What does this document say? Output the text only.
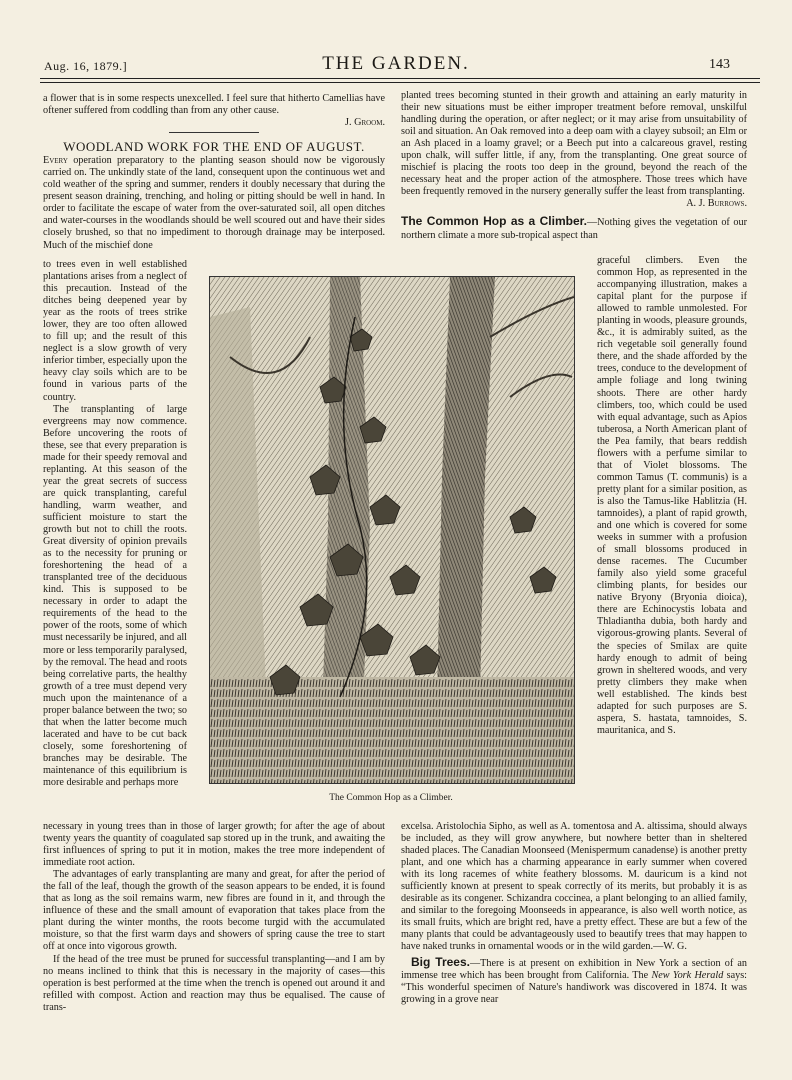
Aug. 16, 1879.]	THE GARDEN.	143

a flower that is in some respects unexcelled. I feel sure that hitherto Camellias have oftener suffered from coddling than from any other cause.

J. Groom.

WOODLAND WORK FOR THE END OF AUGUST.

Every operation preparatory to the planting season should now be vigorously carried on. The unkindly state of the land, consequent upon the continuous wet and cold weather of the spring and summer, renders it doubly necessary that during the present season draining, trenching, and holing or pitting should be well in hand. In order to facilitate the escape of water from the over-saturated soil, all open ditches and water-courses in the woodlands should be well scoured out and have their sides closely brushed, so that no impediment to thorough drainage may be interposed. Much of the mischief done

to trees even in well established plantations arises from a neglect of this precaution. Instead of the ditches being deepened year by year as the roots of trees strike lower, they are too often allowed to fill up; and the result of this neglect is a slow growth of very inferior timber, especially upon the heavy clay soils which are to be found in various parts of the country.

The transplanting of large evergreens may now commence. Before uncovering the roots of these, see that every preparation is made for their speedy removal and replanting. At this season of the year the great secrets of success are quick transplanting, careful handling, warm weather, and sufficient moisture to start the growth but not to chill the roots. Great diversity of opinion prevails as to the necessity for pruning or foreshortening the head of a transplanted tree of the deciduous kind. This is supposed to be necessary in order to adapt the requirements of the head to the power of the roots, some of which must necessarily be injured, and all more or less temporarily paralysed, by the removal. The head and roots being correlative parts, the healthy growth of a tree must depend very much upon the maintenance of a proper balance between the two; so that when the latter become much lacerated and have to be cut back closely, some foreshortening of branches may be desirable. The maintenance of this equilibrium is more desirable and perhaps more

necessary in young trees than in those of larger growth; for after the age of about twenty years the quantity of coagulated sap stored up in the trunk, and awaiting the first influences of spring to put it in motion, makes the tree more independent of immediate root action.

The advantages of early transplanting are many and great, for after the period of the fall of the leaf, though the growth of the season appears to be ended, it is found that as long as the soil remains warm, new fibres are found in it, and through the influence of these and the small amount of evaporation that takes place from the plant during the winter months, the roots become turgid with the accumulated moisture, so that the first warm days and showers of spring cause the tree to start off at once into vigorous growth.

If the head of the tree must be pruned for successful transplanting—and I am by no means inclined to think that this is necessary in the majority of cases—this operation is best performed at the time when the trench is opened out around it and refilled with compost. Action and reaction may thus be equalised. The cause of trans-

planted trees becoming stunted in their growth and attaining an early maturity in their new situations must be either improper treatment before removal, unskilful handling during the operation, or after neglect; or it may arise from unsuitability of soil and situation. An Oak removed into a deep oam with a clayey subsoil; an Elm or an Ash placed in a loamy gravel; or a Beech put into a calcareous gravel, resting upon chalk, will suffer little, if any, from the transplanting. One great source of mischief is placing the roots too deep in the ground, beyond the reach of the necessary heat and the proper action of the atmosphere. Those trees which have been frequently removed in the nursery generally suffer the least from transplanting.

A. J. Burrows.

The Common Hop as a Climber.—Nothing gives the vegetation of our northern climate a more sub-tropical aspect than

graceful climbers. Even the common Hop, as represented in the accompanying illustration, makes a capital plant for the purpose if allowed to ramble unmolested. For planting in woods, pleasure grounds, &c., it is admirably suited, as the rich vegetable soil generally found there, and the shade afforded by the trees, conduce to the development of ample foliage and long twining shoots. There are other hardy climbers, too, which could be used with equal advantage, such as Apios tuberosa, a North American plant of the Pea family, that bears reddish flowers with a perfume similar to that of Violet blossoms. The common Tamus (T. communis) is a pretty plant for a similar position, as is also the Tamus-like Hablitzia (H. tamnoides), a plant of rapid growth, and one which is covered for some weeks in summer with a profusion of small blossoms produced in dense racemes. The Cucumber family also yield some graceful climbing plants, for besides our native Bryony (Bryonia dioica), there are Echinocystis lobata and Thladiantha dubia, both hardy and vigorous-growing plants. Several of the species of Smilax are quite hardy enough to admit of being grown in sheltered woods, and very pretty climbers they make when well established. The kinds best adapted for such purposes are S. aspera, S. hastata, tamnoides, S. mauritanica, and S.

excelsa. Aristolochia Sipho, as well as A. tomentosa and A. altissima, should always be included, as they will grow anywhere, but nowhere better than in sheltered shaded places. The Canadian Moonseed (Menispermum canadense) is another pretty plant, and one which has a charming appearance in early summer when covered with its long racemes of white feathery blossoms. M. dauricum is a kind not sufficiently known at present to speak correctly of its merits, but probably it is as desirable as its congener. Schizandra coccinea, a plant belonging to an allied family, and similar to the foregoing Moonseeds in appearance, is also well worth notice, as its small fruits, which are bright red, have a pretty effect. These are but a few of the many plants that could be advantageously used to beautify trees that may happen to have naked trunks in ornamental woods or in the wild garden.—W. G.

Big Trees.—There is at present on exhibition in New York a section of an immense tree which has been brought from California. The New York Herald says: “This wonderful specimen of Nature's handiwork was discovered in 1874. It was growing in a grove near

The Common Hop as a Climber.
